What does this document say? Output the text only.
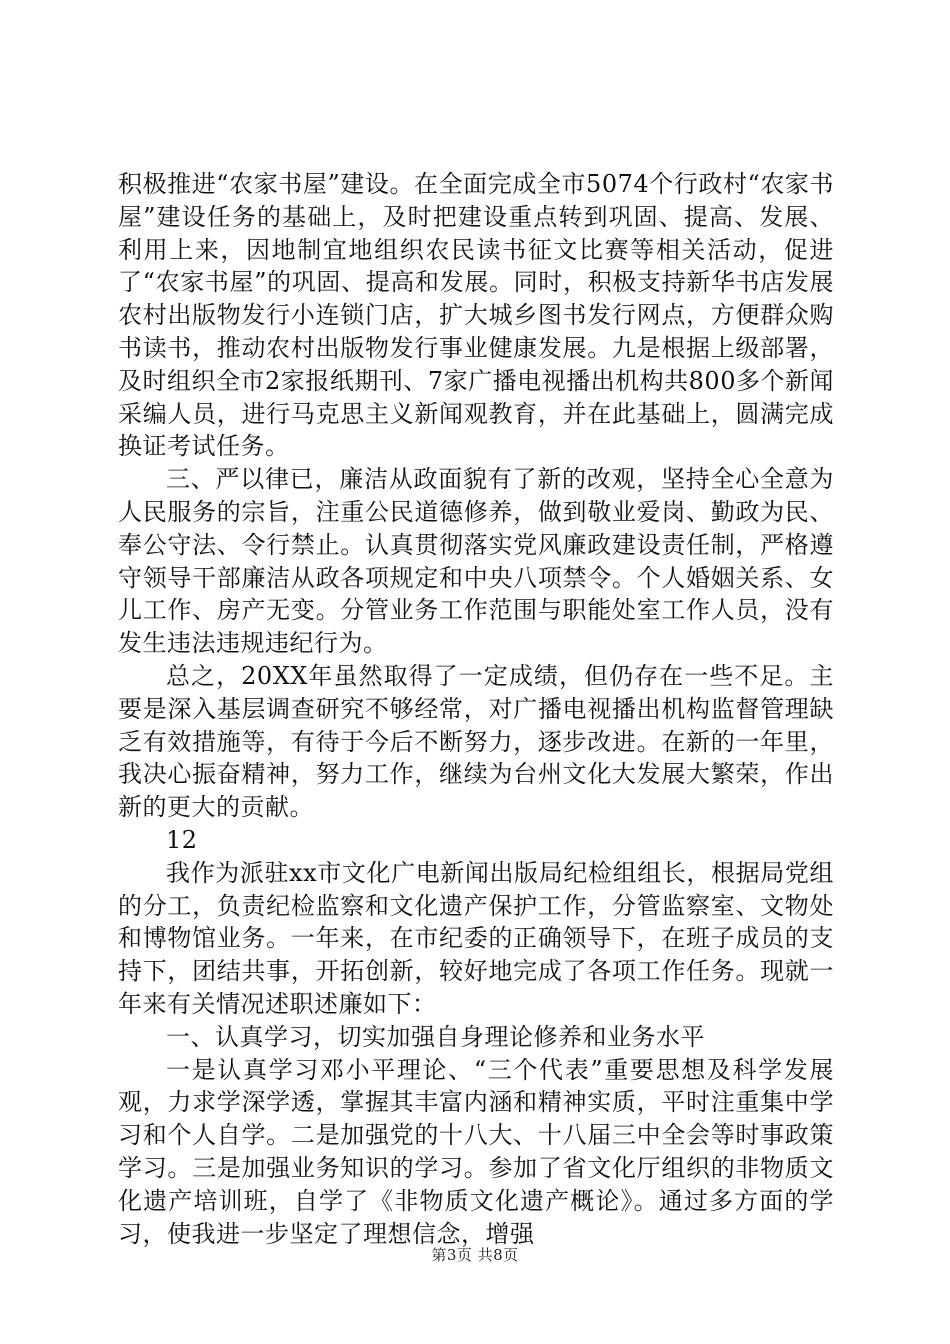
积极推进“农家书屋”建设。在全面完成全市5074个行政村“农家书屋”建设任务的基础上，及时把建设重点转到巩固、提高、发展、利用上来，因地制宜地组织农民读书征文比赛等相关活动，促进了“农家书屋”的巩固、提高和发展。同时，积极支持新华书店发展农村出版物发行小连锁门店，扩大城乡图书发行网点，方便群众购书读书，推动农村出版物发行事业健康发展。九是根据上级部署，及时组织全市2家报纸期刊、7家广播电视播出机构共800多个新闻采编人员，进行马克思主义新闻观教育，并在此基础上，圆满完成换证考试任务。

三、严以律已，廉洁从政面貌有了新的改观，坚持全心全意为人民服务的宗旨，注重公民道德修养，做到敬业爱岗、勤政为民、奉公守法、令行禁止。认真贯彻落实党风廉政建设责任制，严格遵守领导干部廉洁从政各项规定和中央八项禁令。个人婚姻关系、女儿工作、房产无变。分管业务工作范围与职能处室工作人员，没有发生违法违规违纪行为。

总之，20XX年虽然取得了一定成绩，但仍存在一些不足。主要是深入基层调查研究不够经常，对广播电视播出机构监督管理缺乏有效措施等，有待于今后不断努力，逐步改进。在新的一年里，我决心振奋精神，努力工作，继续为台州文化大发展大繁荣，作出新的更大的贡献。

12

我作为派驻xx市文化广电新闻出版局纪检组组长，根据局党组的分工，负责纪检监察和文化遗产保护工作，分管监察室、文物处和博物馆业务。一年来，在市纪委的正确领导下，在班子成员的支持下，团结共事，开拓创新，较好地完成了各项工作任务。现就一年来有关情况述职述廉如下：

一、认真学习，切实加强自身理论修养和业务水平

一是认真学习邓小平理论、“三个代表”重要思想及科学发展观，力求学深学透，掌握其丰富内涵和精神实质，平时注重集中学习和个人自学。二是加强党的十八大、十八届三中全会等时事政策学习。三是加强业务知识的学习。参加了省文化厅组织的非物质文化遗产培训班，自学了《非物质文化遗产概论》。通过多方面的学习，使我进一步坚定了理想信念，增强

第3页 共8页
